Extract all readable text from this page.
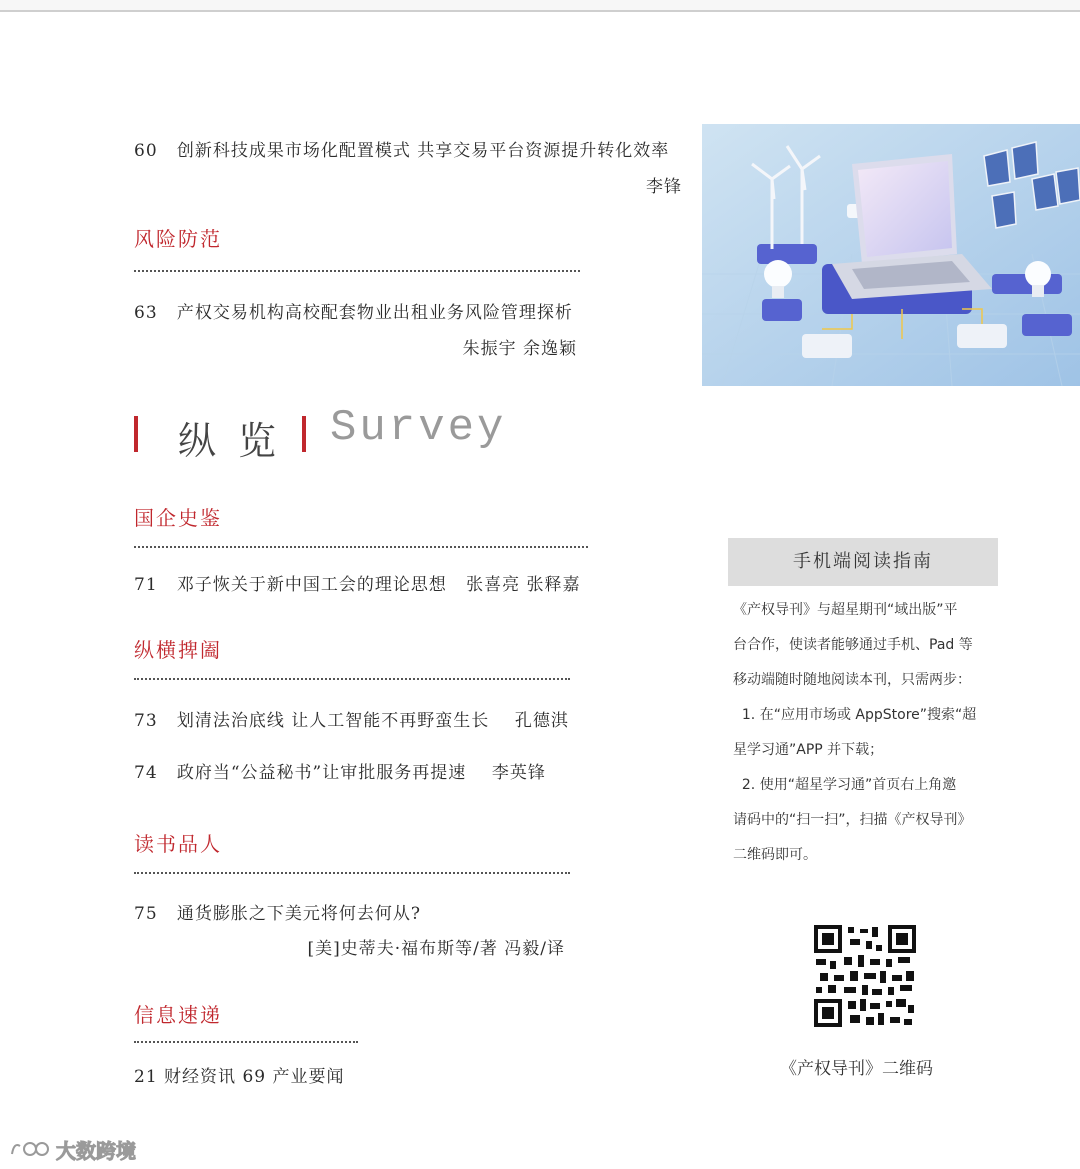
60 创新科技成果市场化配置模式 共享交易平台资源提升转化效率
李锋
风险防范
63 产权交易机构高校配套物业出租业务风险管理探析
朱振宇 余逸颖
纵览 Survey
国企史鉴
71 邓子恢关于新中国工会的理论思想 张喜亮 张释嘉
纵横捭阖
73 划清法治底线 让人工智能不再野蛮生长 孔德淇
74 政府当“公益秘书”让审批服务再提速 李英锋
读书品人
75 通货膨胀之下美元将何去何从?
[美]史蒂夫·福布斯等/著 冯毅/译
信息速递
21 财经资讯 69 产业要闻
手机端阅读指南

《产权导刊》与超星期刊“域出版”平

台合作，使读者能够通过手机、Pad 等

移动端随时随地阅读本刊，只需两步：

1. 在“应用市场或 AppStore”搜索“超

星学习通”APP 并下载；

2. 使用“超星学习通”首页右上角邀

请码中的“扫一扫”，扫描《产权导刊》

二维码即可。

《产权导刊》二维码
大数跨境
